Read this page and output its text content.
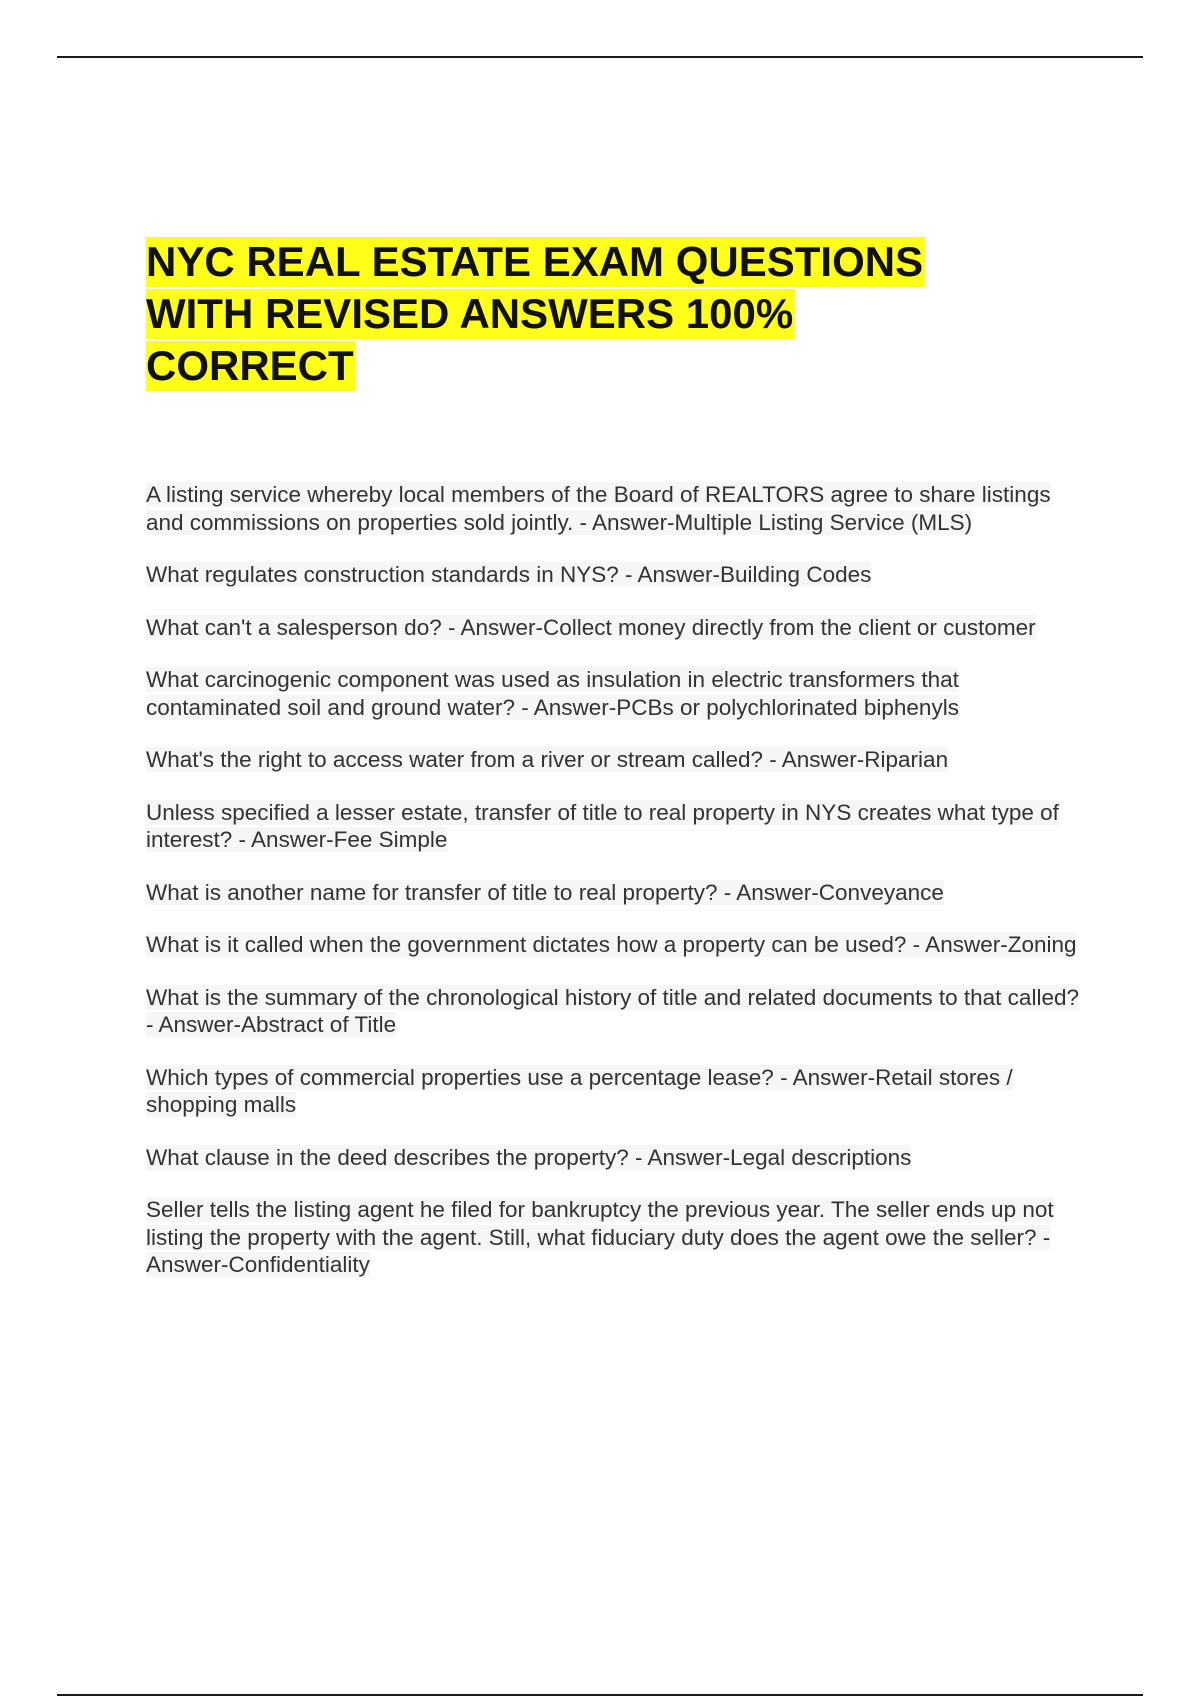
NYC REAL ESTATE EXAM QUESTIONS
WITH REVISED ANSWERS 100%
CORRECT

A listing service whereby local members of the Board of REALTORS agree to share listings and commissions on properties sold jointly. - Answer-Multiple Listing Service (MLS)

What regulates construction standards in NYS? - Answer-Building Codes

What can't a salesperson do? - Answer-Collect money directly from the client or customer

What carcinogenic component was used as insulation in electric transformers that contaminated soil and ground water? - Answer-PCBs or polychlorinated biphenyls

What's the right to access water from a river or stream called? - Answer-Riparian

Unless specified a lesser estate, transfer of title to real property in NYS creates what type of interest? - Answer-Fee Simple

What is another name for transfer of title to real property? - Answer-Conveyance

What is it called when the government dictates how a property can be used? - Answer-Zoning

What is the summary of the chronological history of title and related documents to that called? - Answer-Abstract of Title

Which types of commercial properties use a percentage lease? - Answer-Retail stores / shopping malls

What clause in the deed describes the property? - Answer-Legal descriptions

Seller tells the listing agent he filed for bankruptcy the previous year. The seller ends up not listing the property with the agent. Still, what fiduciary duty does the agent owe the seller? - Answer-Confidentiality
